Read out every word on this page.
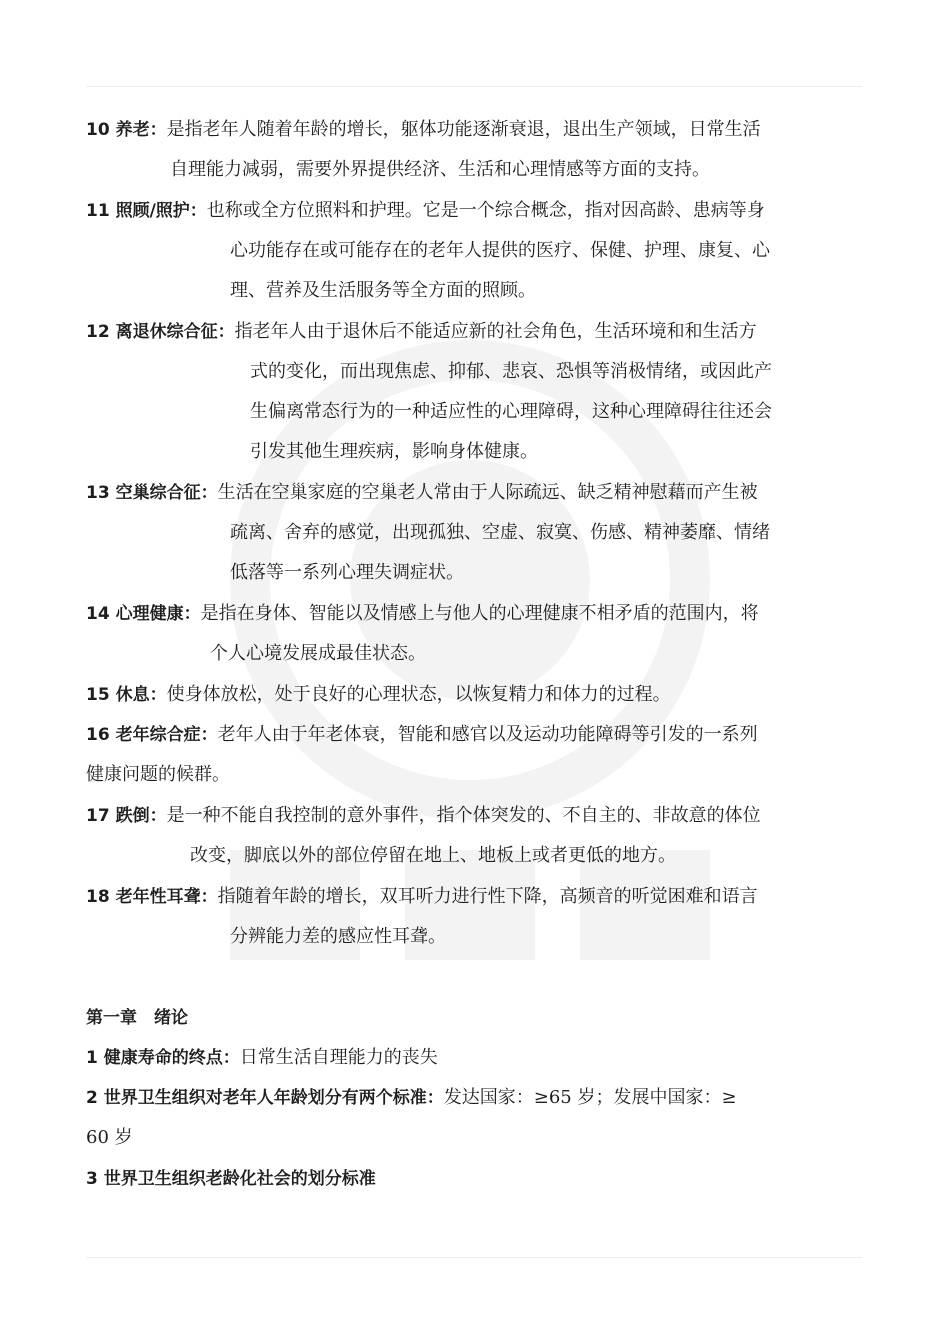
10 养老：是指老年人随着年龄的增长，躯体功能逐渐衰退，退出生产领域，日常生活
自理能力减弱，需要外界提供经济、生活和心理情感等方面的支持。
11 照顾/照护：也称或全方位照料和护理。它是一个综合概念，指对因高龄、患病等身
心功能存在或可能存在的老年人提供的医疗、保健、护理、康复、心
理、营养及生活服务等全方面的照顾。
12 离退休综合征：指老年人由于退休后不能适应新的社会角色，生活环境和和生活方
式的变化，而出现焦虑、抑郁、悲哀、恐惧等消极情绪，或因此产
生偏离常态行为的一种适应性的心理障碍，这种心理障碍往往还会
引发其他生理疾病，影响身体健康。
13 空巢综合征：生活在空巢家庭的空巢老人常由于人际疏远、缺乏精神慰藉而产生被
疏离、舍弃的感觉，出现孤独、空虚、寂寞、伤感、精神萎靡、情绪
低落等一系列心理失调症状。
14 心理健康：是指在身体、智能以及情感上与他人的心理健康不相矛盾的范围内，将
个人心境发展成最佳状态。
15 休息：使身体放松，处于良好的心理状态，以恢复精力和体力的过程。
16 老年综合症：老年人由于年老体衰，智能和感官以及运动功能障碍等引发的一系列
健康问题的候群。
17 跌倒：是一种不能自我控制的意外事件，指个体突发的、不自主的、非故意的体位
改变，脚底以外的部位停留在地上、地板上或者更低的地方。
18 老年性耳聋：指随着年龄的增长，双耳听力进行性下降，高频音的听觉困难和语言
分辨能力差的感应性耳聋。
第一章　绪论
1 健康寿命的终点：日常生活自理能力的丧失
2 世界卫生组织对老年人年龄划分有两个标准：发达国家：≥65 岁；发展中国家：≥
60 岁
3 世界卫生组织老龄化社会的划分标准
